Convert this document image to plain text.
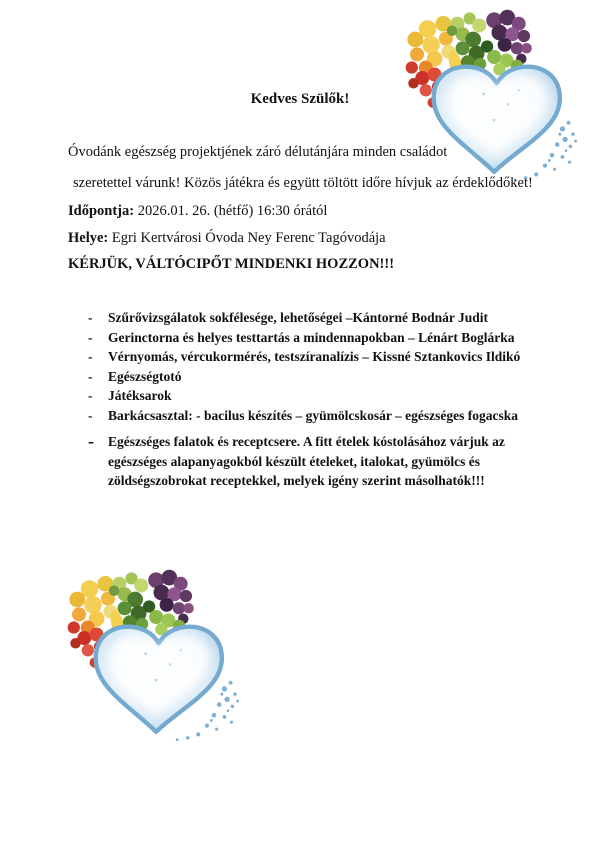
Kedves Szülők!

Óvodánk egészség projektjének záró délutánjára minden családot

szeretettel várunk! Közös játékra és együtt töltött időre hívjuk az érdeklődőket!

Időpontja: 2026.01. 26. (hétfő) 16:30 órától

Helye: Egri Kertvárosi Óvoda Ney Ferenc Tagóvodája

KÉRJÜK, VÁLTÓCIPŐT MINDENKI HOZZON!!!

-	Szűrővizsgálatok sokfélesége, lehetőségei –Kántorné Bodnár Judit
-	Gerinctorna és helyes testtartás a mindennapokban – Lénárt Boglárka
-	Vérnyomás, vércukormérés, testszíranalízis – Kissné Sztankovics Ildikó
-	Egészségtotó
-	Játéksarok
-	Barkácsasztal: - bacilus készítés – gyümölcskosár – egészséges fogacska
-	Egészséges falatok és receptcsere. A fitt ételek kóstolásához várjuk az egészséges alapanyagokból készült ételeket, italokat, gyümölcs és zöldségszobrokat receptekkel, melyek igény szerint másolhatók!!!
